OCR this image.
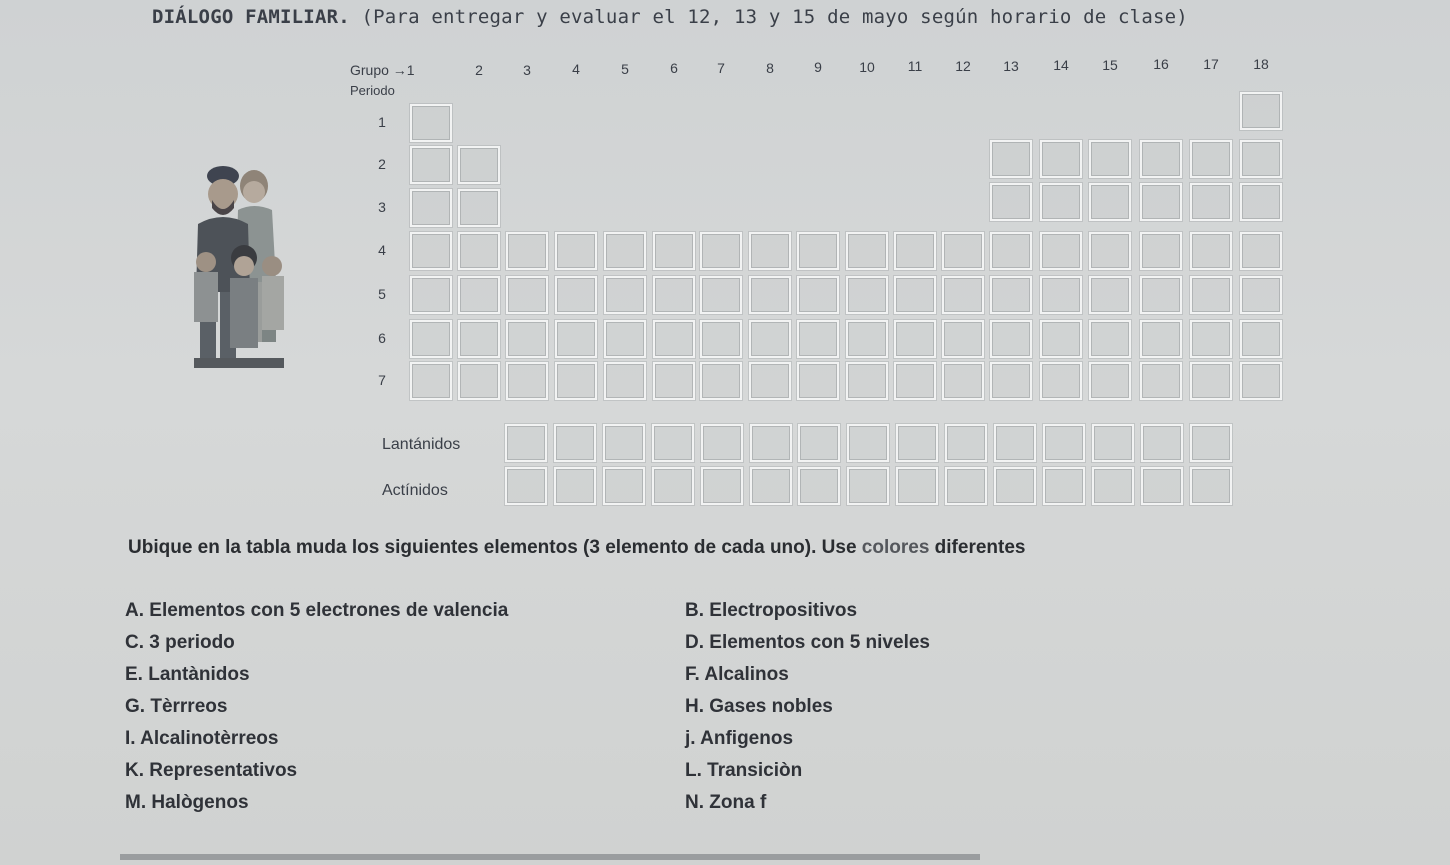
DIÁLOGO FAMILIAR. (Para entregar y evaluar el 12, 13 y 15 de mayo según horario de clase)
Grupo →1
Periodo
2	3	4	5	6	7	8	9	10	11	12	13	14	15	16	17	18
1
2
3
4
5
6
7
Lantánidos
Actínidos
Ubique en la tabla muda los siguientes elementos (3 elemento de cada uno). Use colores diferentes
A. Elementos con 5 electrones de valencia	B. Electropositivos
C. 3 periodo	D. Elementos con 5 niveles
E. Lantànidos	F. Alcalinos
G. Tèrrreos	H. Gases nobles
I. Alcalinotèrreos	j. Anfigenos
K. Representativos	L. Transiciòn
M. Halògenos	N. Zona f
